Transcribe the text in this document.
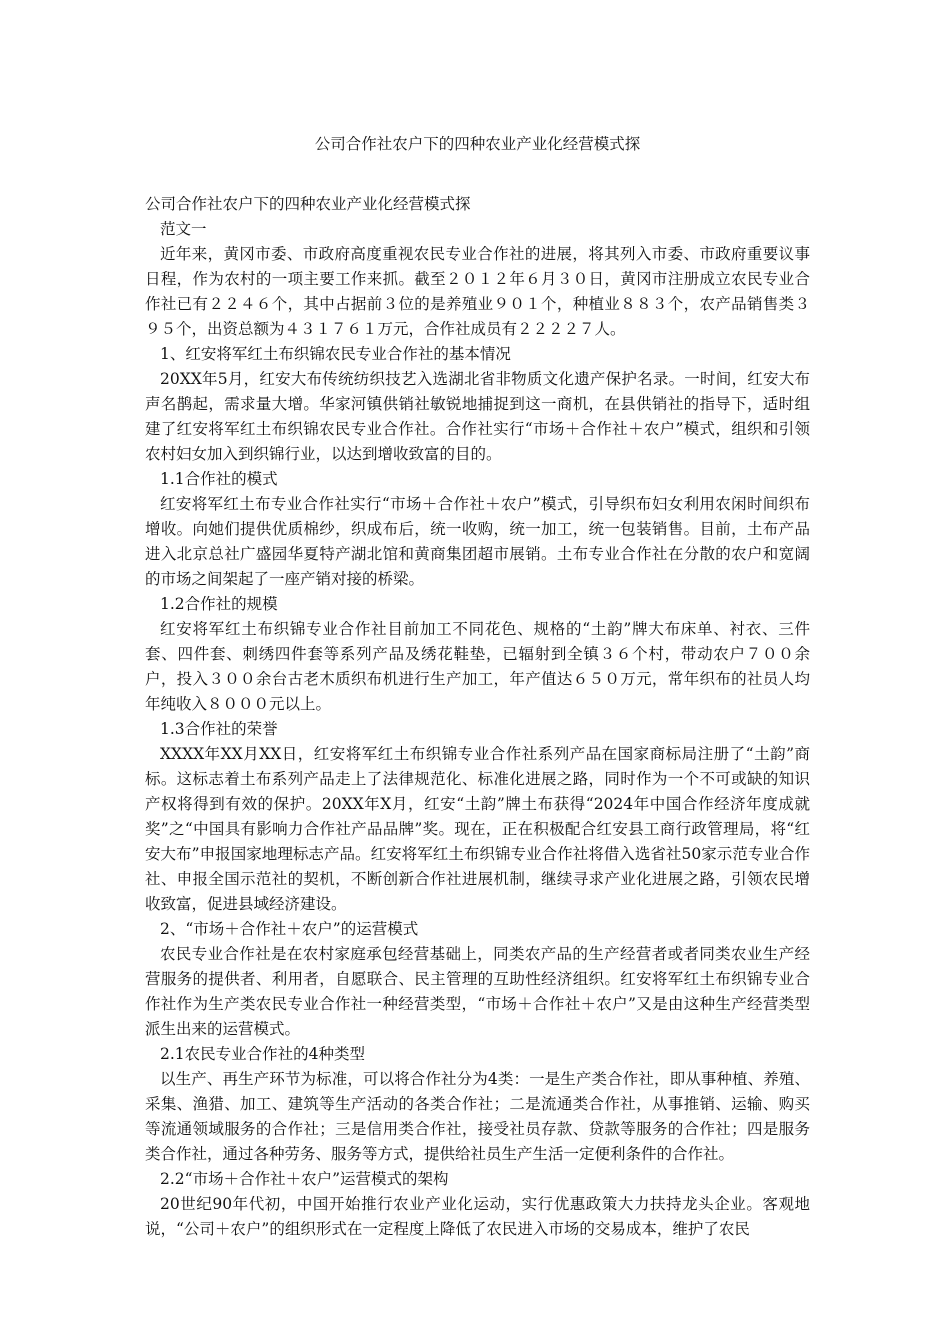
公司合作社农户下的四种农业产业化经营模式探
公司合作社农户下的四种农业产业化经营模式探
范文一
近年来，黄冈市委、市政府高度重视农民专业合作社的进展，将其列入市委、市政府重要议事日程，作为农村的一项主要工作来抓。截至２０１２年６月３０日，黄冈市注册成立农民专业合作社已有２２４６个，其中占据前３位的是养殖业９０１个，种植业８８３个，农产品销售类３９５个，出资总额为４３１７６１万元，合作社成员有２２２２７人。
1、红安将军红土布织锦农民专业合作社的基本情况
20XX年5月，红安大布传统纺织技艺入选湖北省非物质文化遗产保护名录。一时间，红安大布声名鹊起，需求量大增。华家河镇供销社敏锐地捕捉到这一商机，在县供销社的指导下，适时组建了红安将军红土布织锦农民专业合作社。合作社实行“市场＋合作社＋农户”模式，组织和引领农村妇女加入到织锦行业，以达到增收致富的目的。
1.1合作社的模式
红安将军红土布专业合作社实行“市场＋合作社＋农户”模式，引导织布妇女利用农闲时间织布增收。向她们提供优质棉纱，织成布后，统一收购，统一加工，统一包装销售。目前，土布产品进入北京总社广盛园华夏特产湖北馆和黄商集团超市展销。土布专业合作社在分散的农户和宽阔的市场之间架起了一座产销对接的桥梁。
1.2合作社的规模
红安将军红土布织锦专业合作社目前加工不同花色、规格的“土韵”牌大布床单、衬衣、三件套、四件套、刺绣四件套等系列产品及绣花鞋垫，已辐射到全镇３６个村，带动农户７００余户，投入３００余台古老木质织布机进行生产加工，年产值达６５０万元，常年织布的社员人均年纯收入８０００元以上。
1.3合作社的荣誉
XXXX年XX月XX日，红安将军红土布织锦专业合作社系列产品在国家商标局注册了“土韵”商标。这标志着土布系列产品走上了法律规范化、标准化进展之路，同时作为一个不可或缺的知识产权将得到有效的保护。20XX年X月，红安“土韵”牌土布获得“2024年中国合作经济年度成就奖”之“中国具有影响力合作社产品品牌”奖。现在，正在积极配合红安县工商行政管理局，将“红安大布”申报国家地理标志产品。红安将军红土布织锦专业合作社将借入选省社50家示范专业合作社、申报全国示范社的契机，不断创新合作社进展机制，继续寻求产业化进展之路，引领农民增收致富，促进县域经济建设。
2、“市场＋合作社＋农户”的运营模式
农民专业合作社是在农村家庭承包经营基础上，同类农产品的生产经营者或者同类农业生产经营服务的提供者、利用者，自愿联合、民主管理的互助性经济组织。红安将军红土布织锦专业合作社作为生产类农民专业合作社一种经营类型，“市场＋合作社＋农户”又是由这种生产经营类型派生出来的运营模式。
2.1农民专业合作社的4种类型
以生产、再生产环节为标准，可以将合作社分为4类：一是生产类合作社，即从事种植、养殖、采集、渔猎、加工、建筑等生产活动的各类合作社；二是流通类合作社，从事推销、运输、购买等流通领域服务的合作社；三是信用类合作社，接受社员存款、贷款等服务的合作社；四是服务类合作社，通过各种劳务、服务等方式，提供给社员生产生活一定便利条件的合作社。
2.2“市场＋合作社＋农户”运营模式的架构
20世纪90年代初，中国开始推行农业产业化运动，实行优惠政策大力扶持龙头企业。客观地说，“公司＋农户”的组织形式在一定程度上降低了农民进入市场的交易成本，维护了农民
